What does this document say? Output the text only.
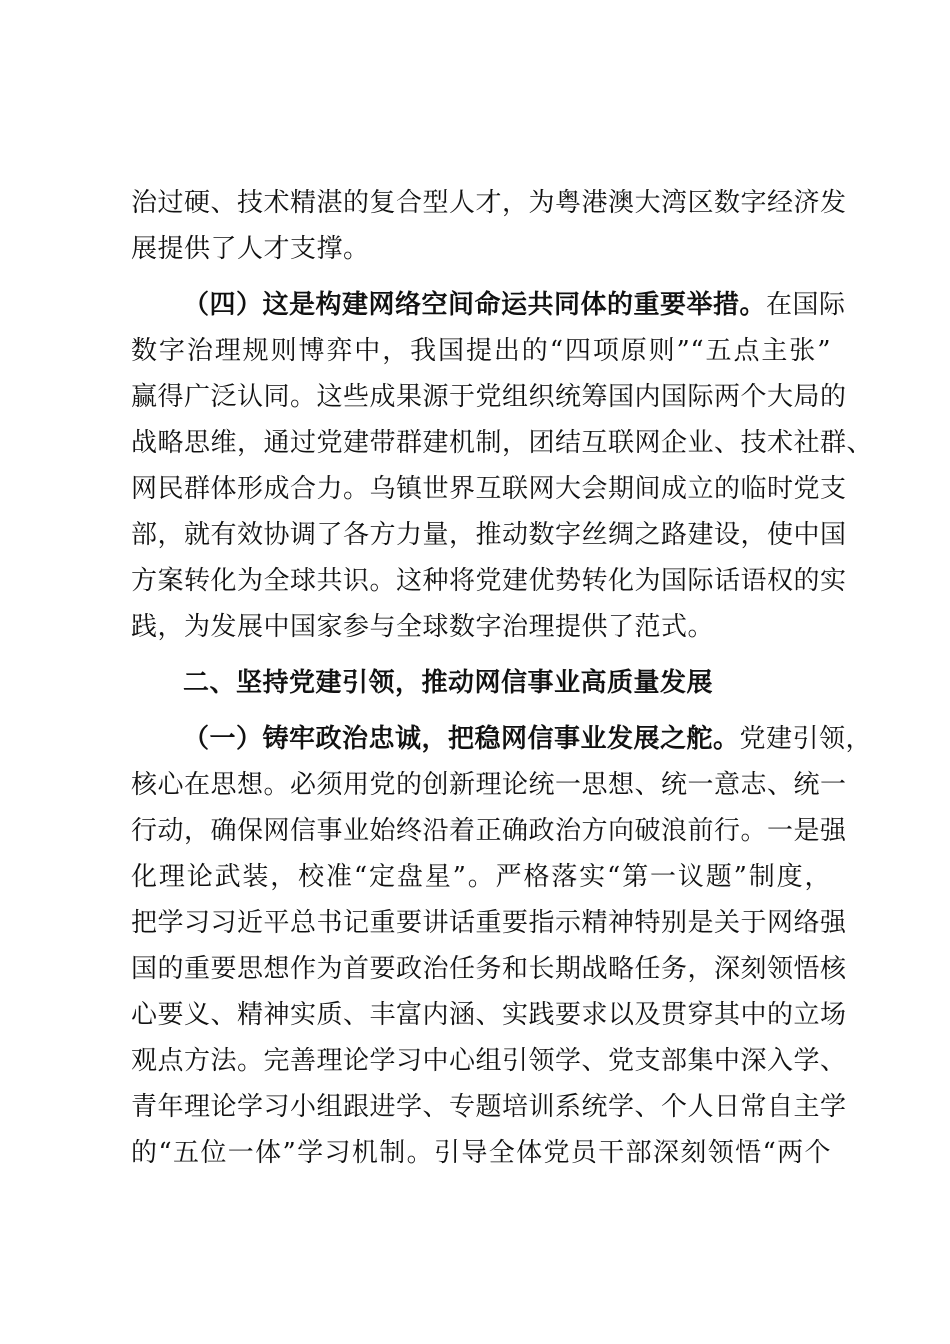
治过硬、技术精湛的复合型人才，为粤港澳大湾区数字经济发
展提供了人才支撑。
（四）这是构建网络空间命运共同体的重要举措。在国际
数字治理规则博弈中，我国提出的“四项原则”“五点主张”
赢得广泛认同。这些成果源于党组织统筹国内国际两个大局的
战略思维，通过党建带群建机制，团结互联网企业、技术社群、
网民群体形成合力。乌镇世界互联网大会期间成立的临时党支
部，就有效协调了各方力量，推动数字丝绸之路建设，使中国
方案转化为全球共识。这种将党建优势转化为国际话语权的实
践，为发展中国家参与全球数字治理提供了范式。
二、坚持党建引领，推动网信事业高质量发展
（一）铸牢政治忠诚，把稳网信事业发展之舵。党建引领，
核心在思想。必须用党的创新理论统一思想、统一意志、统一
行动，确保网信事业始终沿着正确政治方向破浪前行。一是强
化理论武装，校准“定盘星”。严格落实“第一议题”制度，
把学习习近平总书记重要讲话重要指示精神特别是关于网络强
国的重要思想作为首要政治任务和长期战略任务，深刻领悟核
心要义、精神实质、丰富内涵、实践要求以及贯穿其中的立场
观点方法。完善理论学习中心组引领学、党支部集中深入学、
青年理论学习小组跟进学、专题培训系统学、个人日常自主学
的“五位一体”学习机制。引导全体党员干部深刻领悟“两个
